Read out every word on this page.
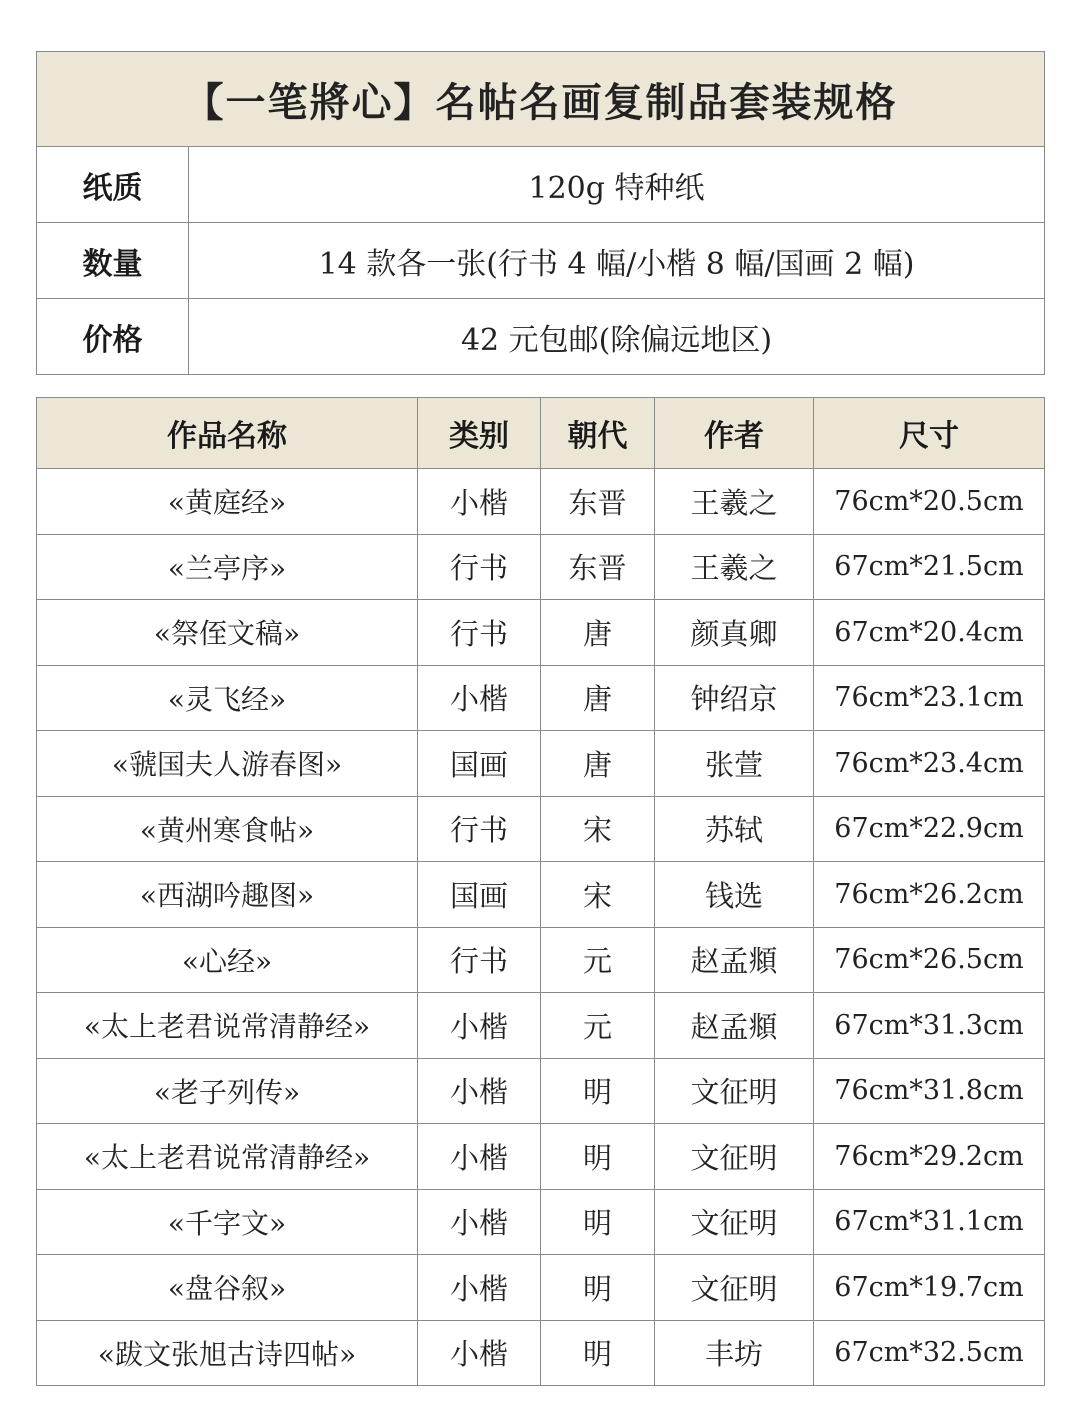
【一笔將心】名帖名画复制品套装规格	
纸质	120g 特种纸
数量	14 款各一张(行书 4 幅/小楷 8 幅/国画 2 幅)
价格	42 元包邮(除偏远地区)
作品名称	类别	朝代	作者	尺寸
«黄庭经»	小楷	东晋	王羲之	76cm*20.5cm
«兰亭序»	行书	东晋	王羲之	67cm*21.5cm
«祭侄文稿»	行书	唐	颜真卿	67cm*20.4cm
«灵飞经»	小楷	唐	钟绍京	76cm*23.1cm
«虢国夫人游春图»	国画	唐	张萱	76cm*23.4cm
«黄州寒食帖»	行书	宋	苏轼	67cm*22.9cm
«西湖吟趣图»	国画	宋	钱选	76cm*26.2cm
«心经»	行书	元	赵孟頫	76cm*26.5cm
«太上老君说常清静经»	小楷	元	赵孟頫	67cm*31.3cm
«老子列传»	小楷	明	文征明	76cm*31.8cm
«太上老君说常清静经»	小楷	明	文征明	76cm*29.2cm
«千字文»	小楷	明	文征明	67cm*31.1cm
«盘谷叙»	小楷	明	文征明	67cm*19.7cm
«跋文张旭古诗四帖»	小楷	明	丰坊	67cm*32.5cm
